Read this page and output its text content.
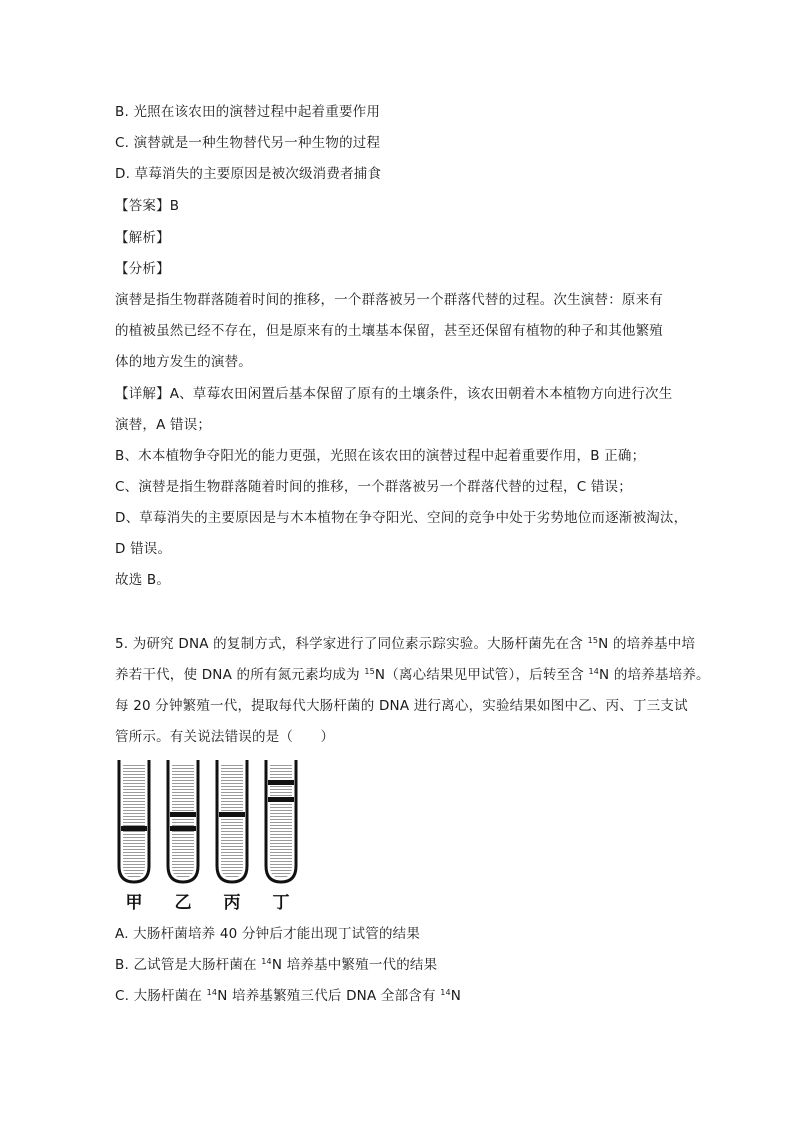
B. 光照在该农田的演替过程中起着重要作用
C. 演替就是一种生物替代另一种生物的过程
D. 草莓消失的主要原因是被次级消费者捕食
【答案】B
【解析】
【分析】
演替是指生物群落随着时间的推移，一个群落被另一个群落代替的过程。次生演替：原来有
的植被虽然已经不存在，但是原来有的土壤基本保留，甚至还保留有植物的种子和其他繁殖
体的地方发生的演替。
【详解】A、草莓农田闲置后基本保留了原有的土壤条件，该农田朝着木本植物方向进行次生
演替，A 错误；
B、木本植物争夺阳光的能力更强，光照在该农田的演替过程中起着重要作用，B 正确；
C、演替是指生物群落随着时间的推移，一个群落被另一个群落代替的过程，C 错误；
D、草莓消失的主要原因是与木本植物在争夺阳光、空间的竞争中处于劣势地位而逐渐被淘汰，
D 错误。
故选 B。
5. 为研究 DNA 的复制方式，科学家进行了同位素示踪实验。大肠杆菌先在含 $^{15}$N 的培养基中培
养若干代，使 DNA 的所有氮元素均成为 $^{15}$N（离心结果见甲试管），后转至含 $^{14}$N 的培养基培养。
每 20 分钟繁殖一代，提取每代大肠杆菌的 DNA 进行离心，实验结果如图中乙、丙、丁三支试
管所示。有关说法错误的是（　　）
甲 乙 丙 丁
A. 大肠杆菌培养 40 分钟后才能出现丁试管的结果
B. 乙试管是大肠杆菌在 $^{14}$N 培养基中繁殖一代的结果
C. 大肠杆菌在 $^{14}$N 培养基繁殖三代后 DNA 全部含有 $^{14}$N
